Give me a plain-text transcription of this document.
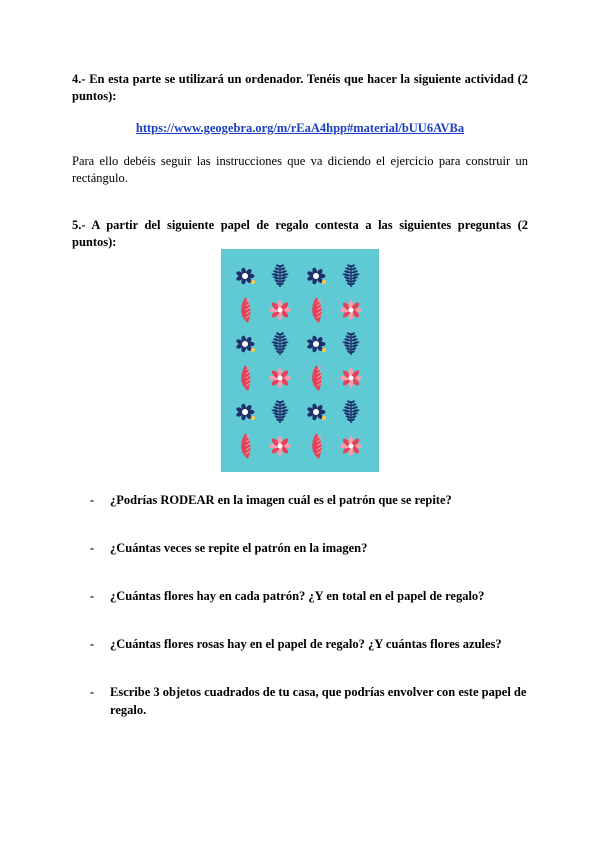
4.- En esta parte se utilizará un ordenador. Tenéis que hacer la siguiente actividad (2 puntos):
https://www.geogebra.org/m/rEaA4hpp#material/bUU6AVBa
Para ello debéis seguir las instrucciones que va diciendo el ejercicio para construir un rectángulo.
5.- A partir del siguiente papel de regalo contesta a las siguientes preguntas (2 puntos):
- ¿Podrías RODEAR en la imagen cuál es el patrón que se repite?
- ¿Cuántas veces se repite el patrón en la imagen?
- ¿Cuántas flores hay en cada patrón? ¿Y en total en el papel de regalo?
- ¿Cuántas flores rosas hay en el papel de regalo? ¿Y cuántas flores azules?
- Escribe 3 objetos cuadrados de tu casa, que podrías envolver con este papel de regalo.
